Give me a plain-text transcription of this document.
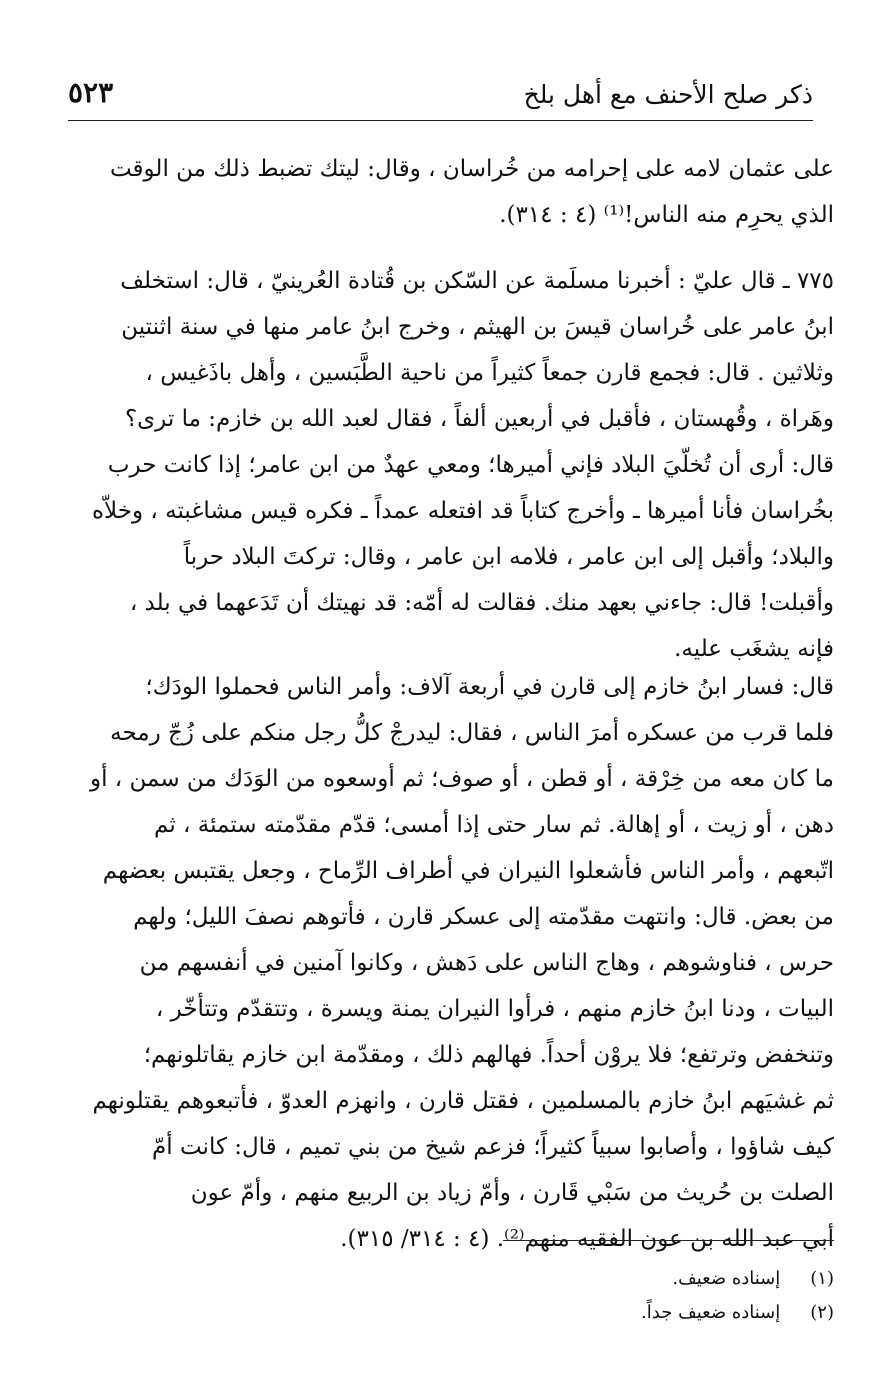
ذكر صلح الأحنف مع أهل بلخ
٥٢٣
على عثمان لامه على إحرامه من خُراسان ، وقال: ليتك تضبط ذلك من الوقت
الذي يحرِم منه الناس!⁽¹⁾ (٤ : ٣١٤).
٧٧٥ ـ قال عليّ : أخبرنا مسلَمة عن السّكن بن قُتادة العُرينيّ ، قال: استخلف
ابنُ عامر على خُراسان قيسَ بن الهيثم ، وخرج ابنُ عامر منها في سنة اثنتين
وثلاثين . قال: فجمع قارن جمعاً كثيراً من ناحية الطَّبَسين ، وأهل باذَغيس ،
وهَراة ، وقُهستان ، فأقبل في أربعين ألفاً ، فقال لعبد الله بن خازم: ما ترى؟
قال: أرى أن تُخلّيَ البلاد فإني أميرها؛ ومعي عهدٌ من ابن عامر؛ إذا كانت حرب
بخُراسان فأنا أميرها ـ وأخرج كتاباً قد افتعله عمداً ـ فكره قيس مشاغبته ، وخلاّه
والبلاد؛ وأقبل إلى ابن عامر ، فلامه ابن عامر ، وقال: تركتَ البلاد حرباً
وأقبلت! قال: جاءني بعهد منك. فقالت له أمّه: قد نهيتك أن تَدَعهما في بلد ،
فإنه يشغَب عليه.
قال: فسار ابنُ خازم إلى قارن في أربعة آلاف: وأمر الناس فحملوا الودَك؛
فلما قرب من عسكره أمرَ الناس ، فقال: ليدرجْ كلُّ رجل منكم على زُجّ رمحه
ما كان معه من خِرْقة ، أو قطن ، أو صوف؛ ثم أوسعوه من الوَدَك من سمن ، أو
دهن ، أو زيت ، أو إهالة. ثم سار حتى إذا أمسى؛ قدّم مقدّمته ستمئة ، ثم
اتّبعهم ، وأمر الناس فأشعلوا النيران في أطراف الرِّماح ، وجعل يقتبس بعضهم
من بعض. قال: وانتهت مقدّمته إلى عسكر قارن ، فأتوهم نصفَ الليل؛ ولهم
حرس ، فناوشوهم ، وهاج الناس على دَهش ، وكانوا آمنين في أنفسهم من
البيات ، ودنا ابنُ خازم منهم ، فرأوا النيران يمنة ويسرة ، وتتقدّم وتتأخّر ،
وتنخفض وترتفع؛ فلا يروْن أحداً. فهالهم ذلك ، ومقدّمة ابن خازم يقاتلونهم؛
ثم غشيَهم ابنُ خازم بالمسلمين ، فقتل قارن ، وانهزم العدوّ ، فأتبعوهم يقتلونهم
كيف شاؤوا ، وأصابوا سبياً كثيراً؛ فزعم شيخ من بني تميم ، قال: كانت أمّ
الصلت بن حُريث من سَبْي قَارن ، وأمّ زياد بن الربيع منهم ، وأمّ عون
أبي عبد الله بن عون الفقيه منهم⁽²⁾. (٤ : ٣١٤/ ٣١٥).
(١) إسناده ضعيف.
(٢) إسناده ضعيف جداً.
